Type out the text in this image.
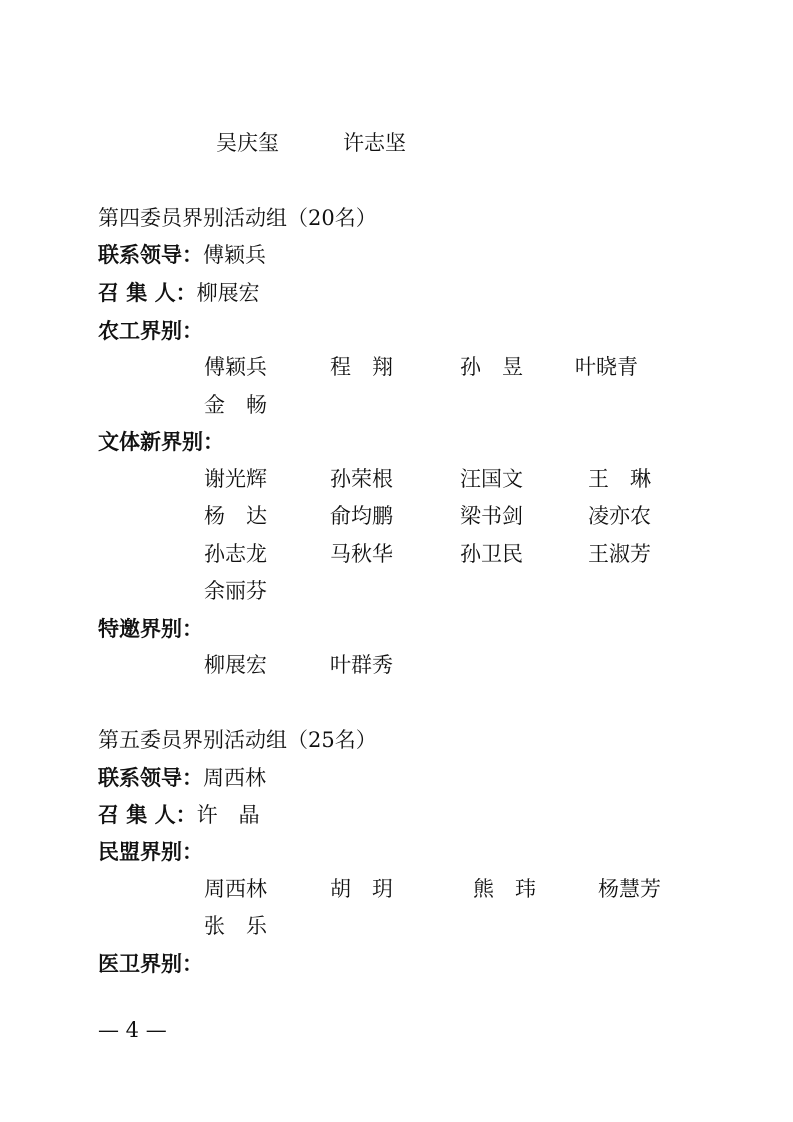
吴庆玺	许志坚
第四委员界别活动组（20名）
联系领导：傅颖兵
召 集 人：柳展宏
农工界别：
傅颖兵	程　翔	孙　昱 叶晓青
金　畅
文体新界别：
谢光辉	孙荣根	汪国文	王　琳
杨　达	俞均鹏	梁书剑	凌亦农
孙志龙	马秋华	孙卫民	王淑芳
余丽芬
特邀界别：
柳展宏	叶群秀
第五委员界别活动组（25名）
联系领导：周西林
召 集 人：许　晶
民盟界别：
周西林	胡　玥	熊　玮	杨慧芳
张　乐
医卫界别：
— 4 —
